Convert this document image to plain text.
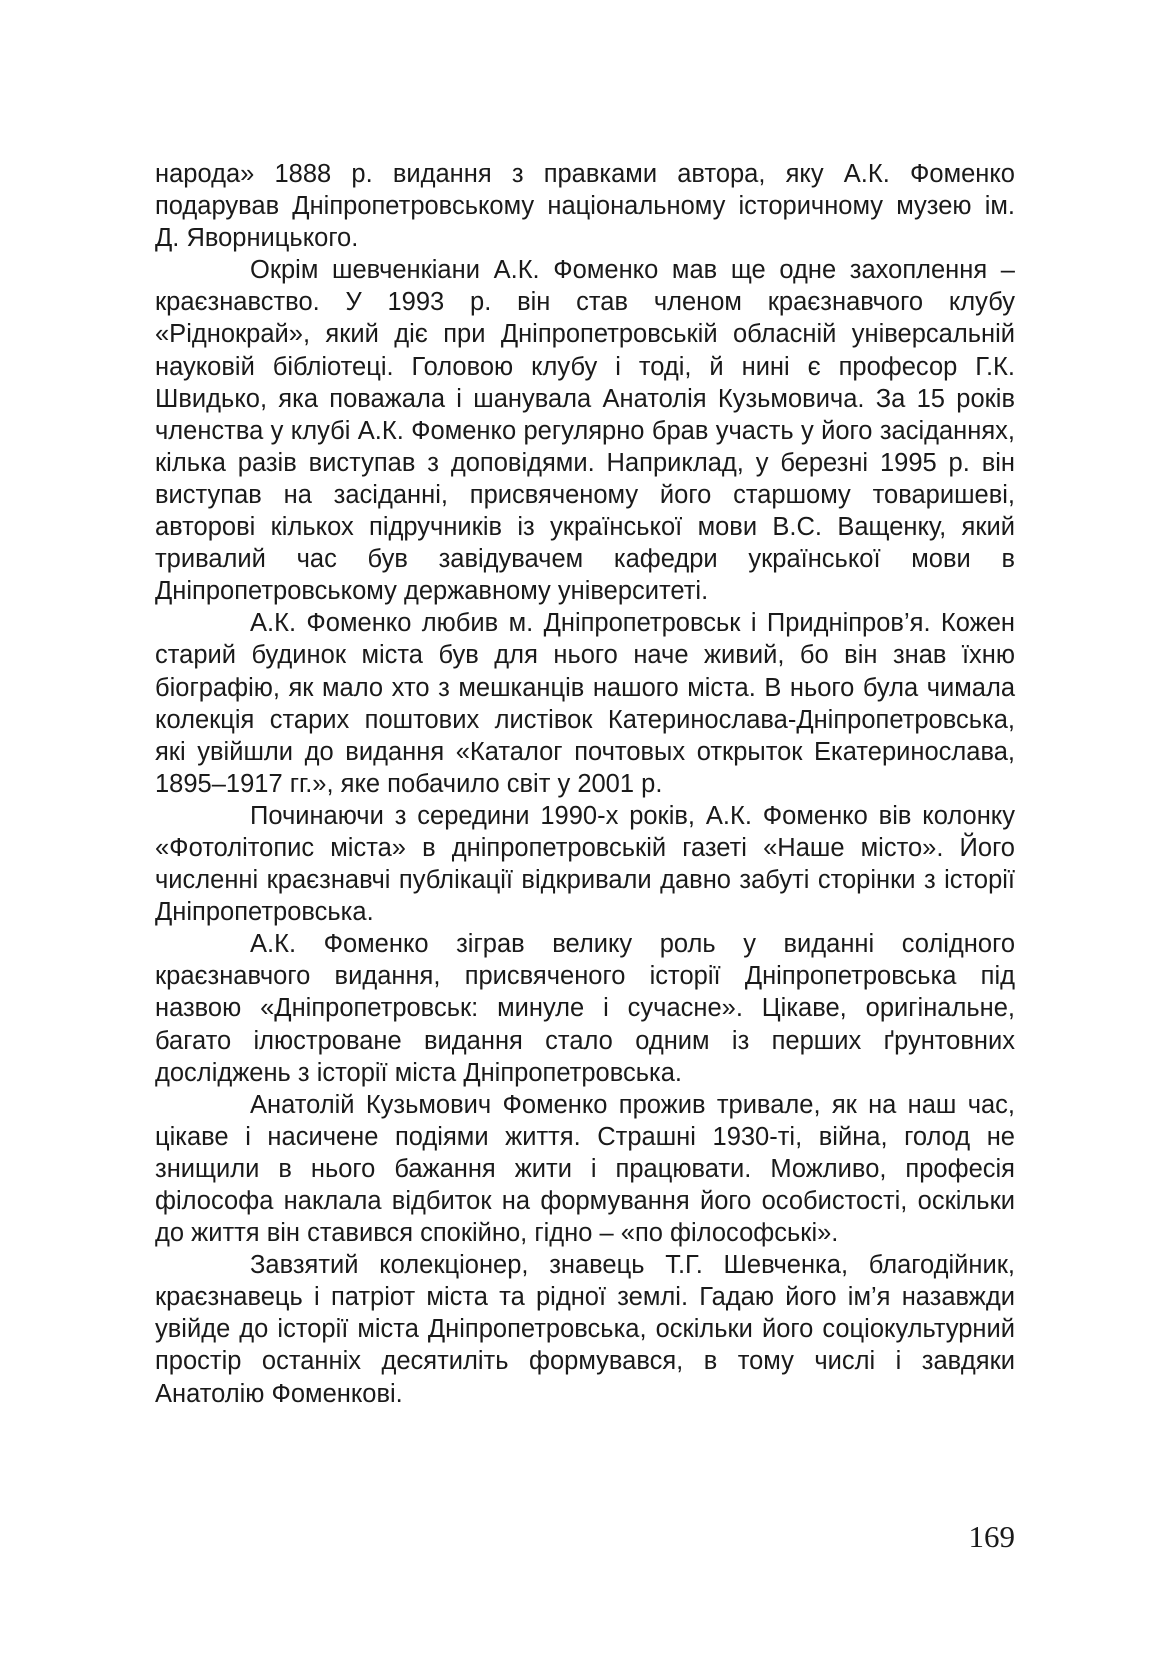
народа» 1888 р. видання з правками автора, яку А.К. Фоменко подарував Дніпропетровському національному історичному музею ім. Д. Яворницького.

Окрім шевченкіани А.К. Фоменко мав ще одне захоплення – краєзнавство. У 1993 р. він став членом краєзнавчого клубу «Ріднокрай», який діє при Дніпропетровській обласній універсальній науковій бібліотеці. Головою клубу і тоді, й нині є професор Г.К. Швидько, яка поважала і шанувала Анатолія Кузьмовича. За 15 років членства у клубі А.К. Фоменко регулярно брав участь у його засіданнях, кілька разів виступав з доповідями. Наприклад, у березні 1995 р. він виступав на засіданні, присвяченому його старшому товаришеві, авторові кількох підручників із української мови В.С. Ващенку, який тривалий час був завідувачем кафедри української мови в Дніпропетровському державному університеті.

А.К. Фоменко любив м. Дніпропетровськ і Придніпров’я. Кожен старий будинок міста був для нього наче живий, бо він знав їхню біографію, як мало хто з мешканців нашого міста. В нього була чимала колекція старих поштових листівок Катеринослава-Дніпропетровська, які увійшли до видання «Каталог почтовых открыток Екатеринослава, 1895–1917 гг.», яке побачило світ у 2001 р.

Починаючи з середини 1990-х років, А.К. Фоменко вів колонку «Фотолітопис міста» в дніпропетровській газеті «Наше місто». Його численні краєзнавчі публікації відкривали давно забуті сторінки з історії Дніпропетровська.

А.К. Фоменко зіграв велику роль у виданні солідного краєзнавчого видання, присвяченого історії Дніпропетровська під назвою «Дніпропетровськ: минуле і сучасне». Цікаве, оригінальне, багато ілюстроване видання стало одним із перших ґрунтовних досліджень з історії міста Дніпропетровська.

Анатолій Кузьмович Фоменко прожив тривале, як на наш час, цікаве і насичене подіями життя. Страшні 1930-ті, війна, голод не знищили в нього бажання жити і працювати. Можливо, професія філософа наклала відбиток на формування його особистості, оскільки до життя він ставився спокійно, гідно – «по філософські».

Завзятий колекціонер, знавець Т.Г. Шевченка, благодійник, краєзнавець і патріот міста та рідної землі. Гадаю його ім’я назавжди увійде до історії міста Дніпропетровська, оскільки його соціокультурний простір останніх десятиліть формувався, в тому числі і завдяки Анатолію Фоменкові.

169
